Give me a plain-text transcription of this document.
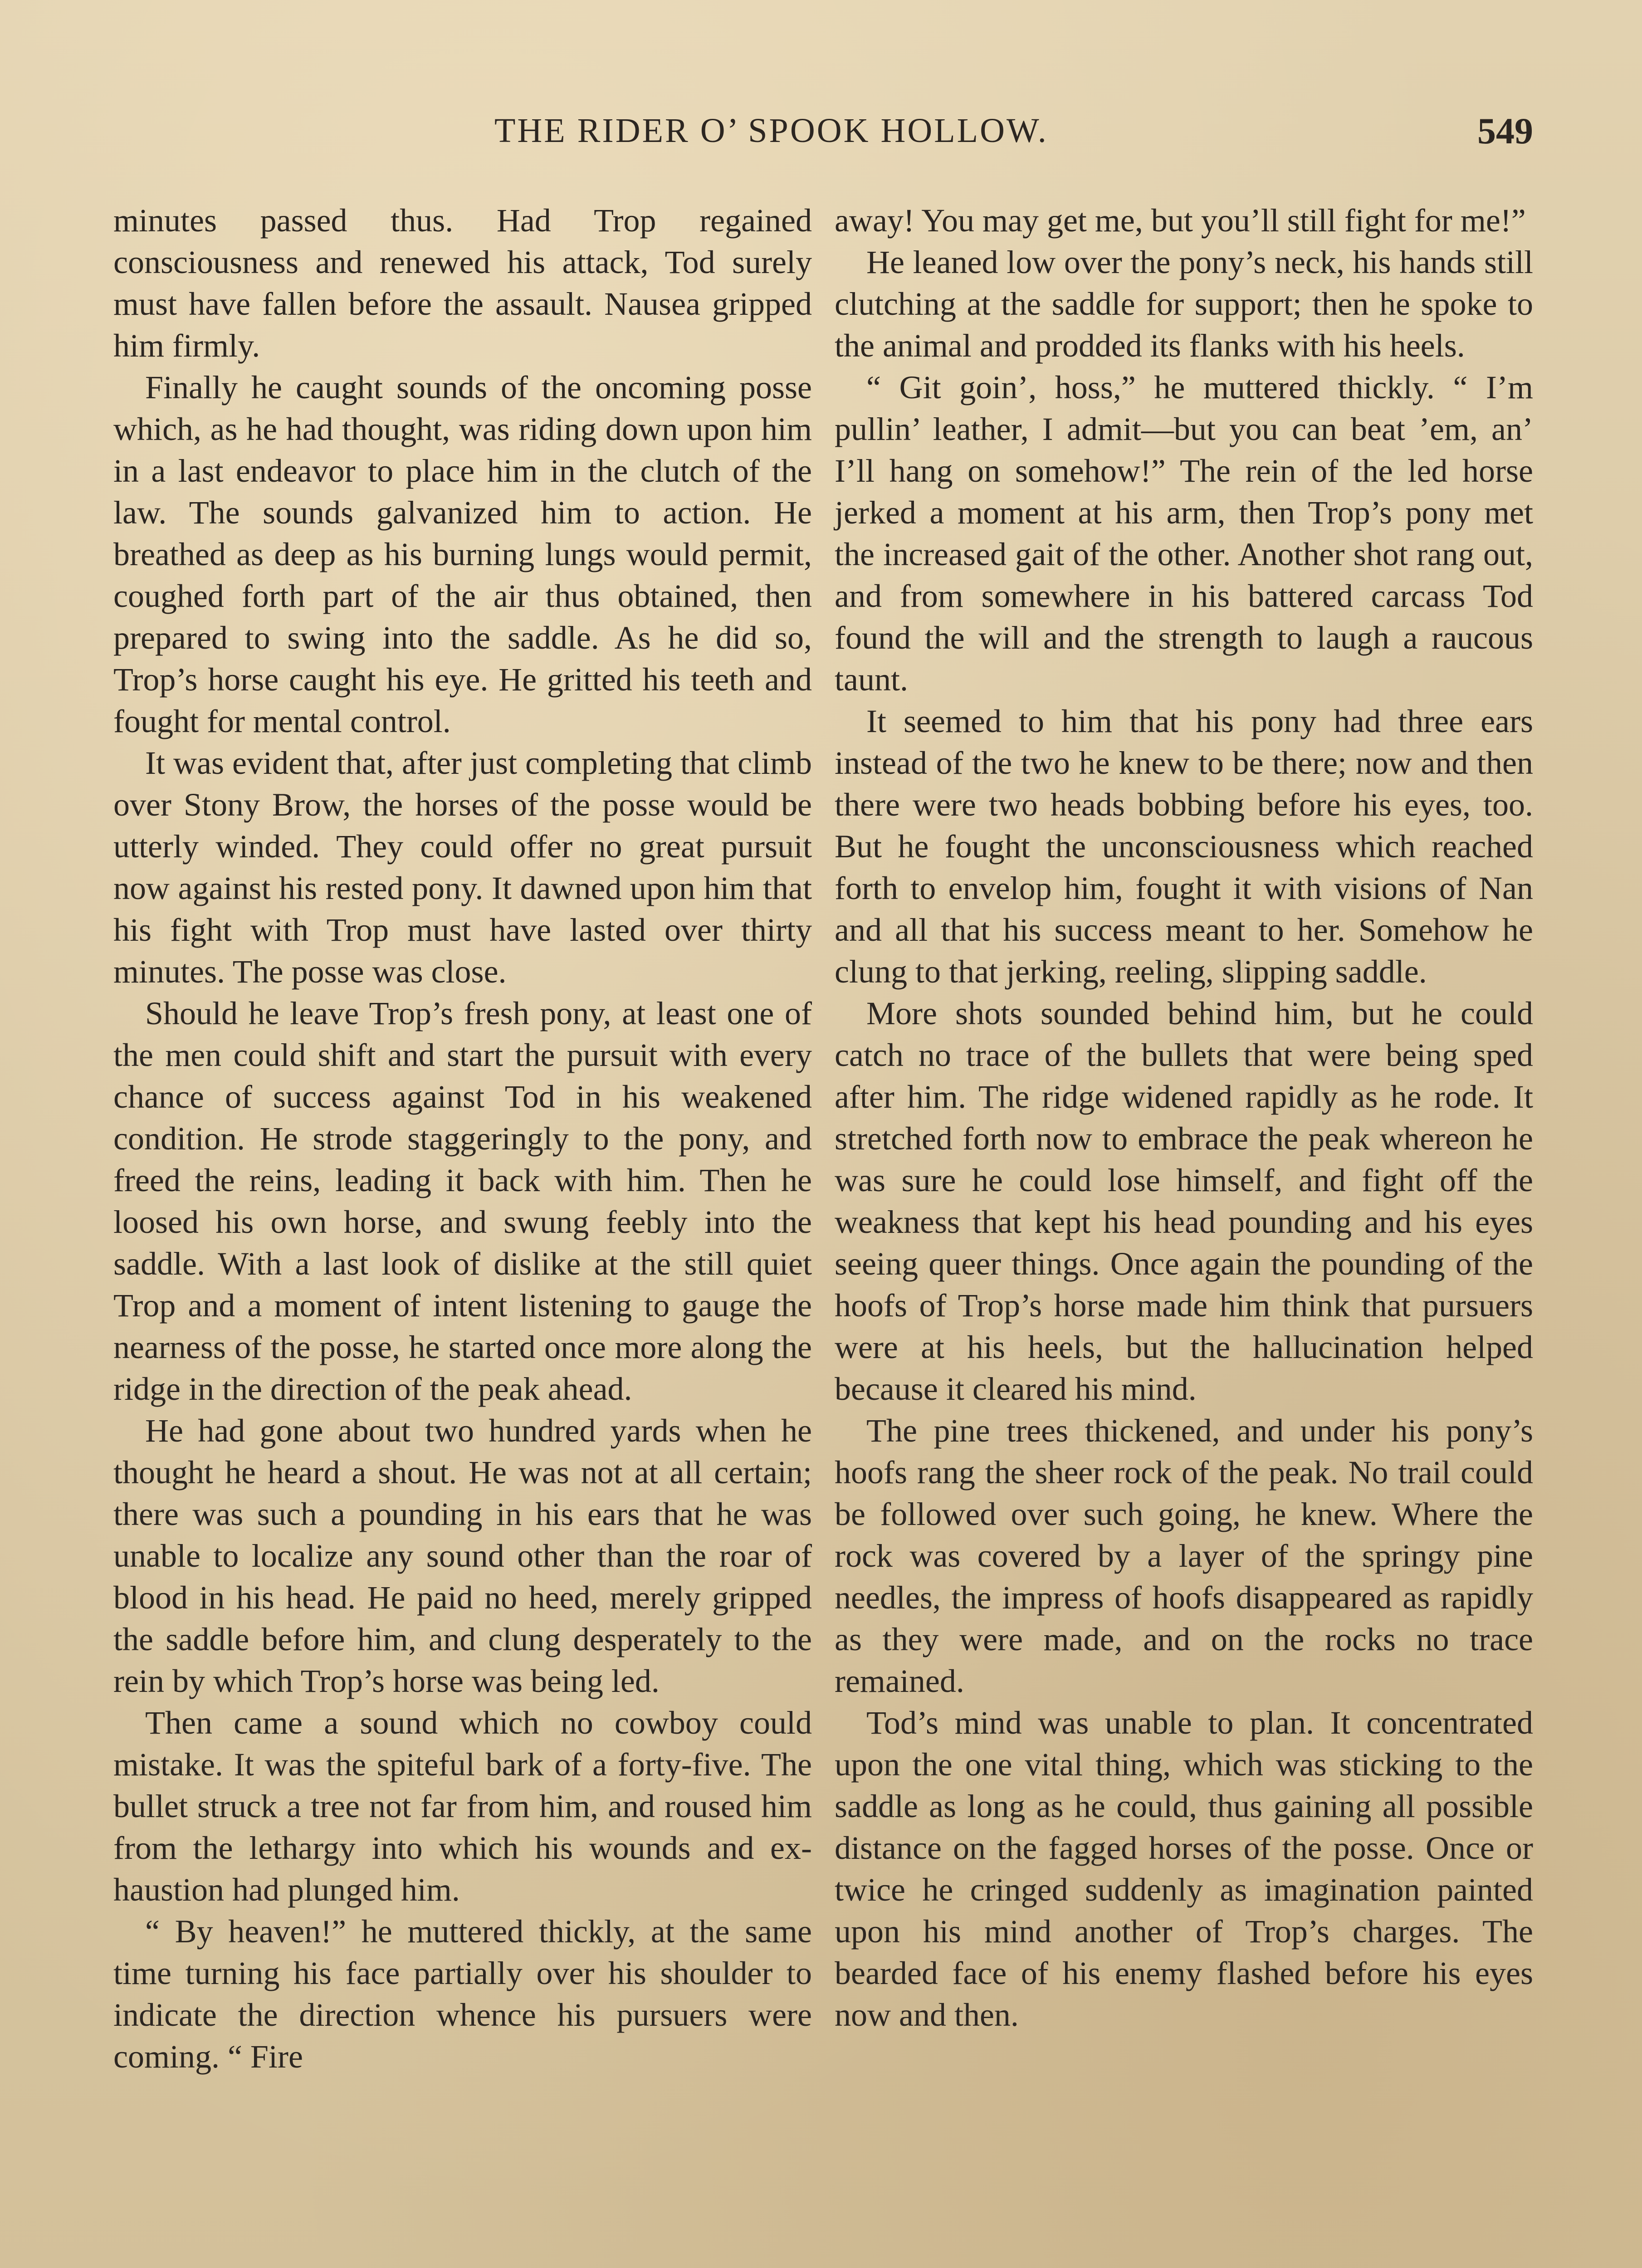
THE RIDER O’ SPOOK HOLLOW.	549

minutes passed thus. Had Trop regained consciousness and renewed his attack, Tod surely must have fallen before the assault. Nausea gripped him firmly.

Finally he caught sounds of the oncoming posse which, as he had thought, was riding down upon him in a last endeavor to place him in the clutch of the law. The sounds galvanized him to action. He breathed as deep as his burning lungs would permit, coughed forth part of the air thus obtained, then prepared to swing into the saddle. As he did so, Trop’s horse caught his eye. He gritted his teeth and fought for mental control.

It was evident that, after just completing that climb over Stony Brow, the horses of the posse would be utterly winded. They could offer no great pursuit now against his rested pony. It dawned upon him that his fight with Trop must have lasted over thirty minutes. The posse was close.

Should he leave Trop’s fresh pony, at least one of the men could shift and start the pursuit with every chance of success against Tod in his weakened condition. He strode staggeringly to the pony, and freed the reins, leading it back with him. Then he loosed his own horse, and swung feebly into the saddle. With a last look of dislike at the still quiet Trop and a moment of intent listening to gauge the nearness of the posse, he started once more along the ridge in the direction of the peak ahead.

He had gone about two hundred yards when he thought he heard a shout. He was not at all certain; there was such a pounding in his ears that he was unable to localize any sound other than the roar of blood in his head. He paid no heed, merely gripped the saddle before him, and clung desperately to the rein by which Trop’s horse was being led.

Then came a sound which no cowboy could mistake. It was the spiteful bark of a forty-five. The bullet struck a tree not far from him, and roused him from the lethargy into which his wounds and exhaustion had plunged him.

“ By heaven!” he muttered thickly, at the same time turning his face partially over his shoulder to indicate the direction whence his pursuers were coming. “ Fire

away! You may get me, but you’ll still fight for me!”

He leaned low over the pony’s neck, his hands still clutching at the saddle for support; then he spoke to the animal and prodded its flanks with his heels.

“ Git goin’, hoss,” he muttered thickly. “ I’m pullin’ leather, I admit—but you can beat ’em, an’ I’ll hang on somehow!” The rein of the led horse jerked a moment at his arm, then Trop’s pony met the increased gait of the other. Another shot rang out, and from somewhere in his battered carcass Tod found the will and the strength to laugh a raucous taunt.

It seemed to him that his pony had three ears instead of the two he knew to be there; now and then there were two heads bobbing before his eyes, too. But he fought the unconsciousness which reached forth to envelop him, fought it with visions of Nan and all that his success meant to her. Somehow he clung to that jerking, reeling, slipping saddle.

More shots sounded behind him, but he could catch no trace of the bullets that were being sped after him. The ridge widened rapidly as he rode. It stretched forth now to embrace the peak whereon he was sure he could lose himself, and fight off the weakness that kept his head pounding and his eyes seeing queer things. Once again the pounding of the hoofs of Trop’s horse made him think that pursuers were at his heels, but the hallucination helped because it cleared his mind.

The pine trees thickened, and under his pony’s hoofs rang the sheer rock of the peak. No trail could be followed over such going, he knew. Where the rock was covered by a layer of the springy pine needles, the impress of hoofs disappeared as rapidly as they were made, and on the rocks no trace remained.

Tod’s mind was unable to plan. It concentrated upon the one vital thing, which was sticking to the saddle as long as he could, thus gaining all possible distance on the fagged horses of the posse. Once or twice he cringed suddenly as imagination painted upon his mind another of Trop’s charges. The bearded face of his enemy flashed before his eyes now and then.
